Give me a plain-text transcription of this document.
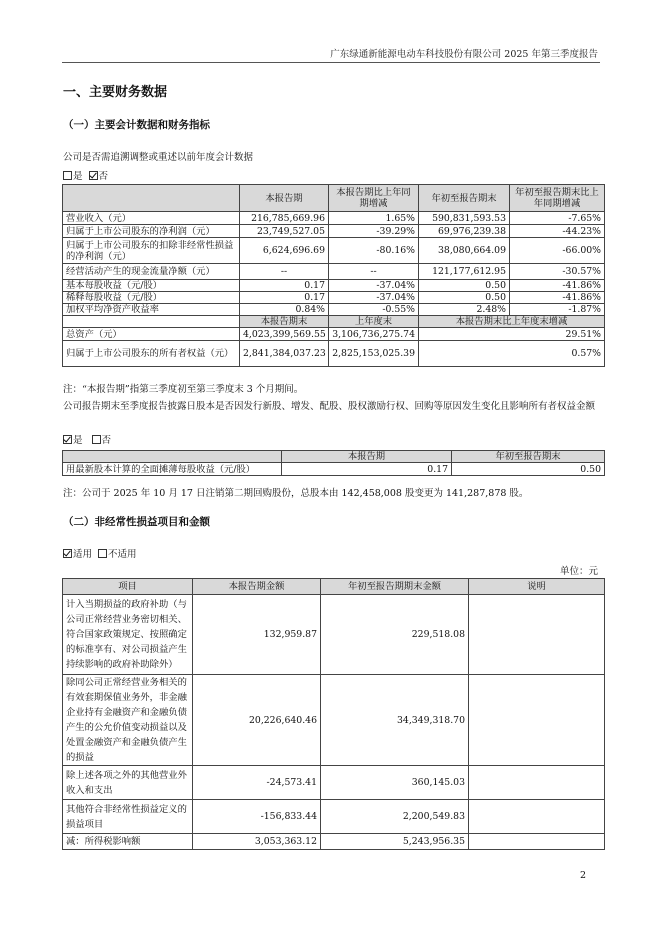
广东绿通新能源电动车科技股份有限公司 2025 年第三季度报告
一、主要财务数据
（一）主要会计数据和财务指标
公司是否需追溯调整或重述以前年度会计数据
是 否
	本报告期	本报告期比上年同期增减	年初至报告期末	年初至报告期末比上年同期增减
营业收入（元）	216,785,669.96	1.65%	590,831,593.53	-7.65%
归属于上市公司股东的净利润（元）	23,749,527.05	-39.29%	69,976,239.38	-44.23%
归属于上市公司股东的扣除非经常性损益的净利润（元）	6,624,696.69	-80.16%	38,080,664.09	-66.00%
经营活动产生的现金流量净额（元）	--	--	121,177,612.95	-30.57%
基本每股收益（元/股）	0.17	-37.04%	0.50	-41.86%
稀释每股收益（元/股）	0.17	-37.04%	0.50	-41.86%
加权平均净资产收益率	0.84%	-0.55%	2.48%	-1.87%
	本报告期末	上年度末	本报告期末比上年度末增减	
总资产（元）	4,023,399,569.55	3,106,736,275.74	29.51%	
归属于上市公司股东的所有者权益（元）	2,841,384,037.23	2,825,153,025.39	0.57%	
注：“本报告期”指第三季度初至第三季度末 3 个月期间。
公司报告期末至季度报告披露日股本是否因发行新股、增发、配股、股权激励行权、回购等原因发生变化且影响所有者权益金额
是 否
	本报告期	年初至报告期末
用最新股本计算的全面摊薄每股收益（元/股）	0.17	0.50
注：公司于 2025 年 10 月 17 日注销第二期回购股份，总股本由 142,458,008 股变更为 141,287,878 股。
（二）非经常性损益项目和金额
适用 不适用
单位：元
项目	本报告期金额	年初至报告期期末金额	说明
计入当期损益的政府补助（与公司正常经营业务密切相关、符合国家政策规定、按照确定的标准享有、对公司损益产生持续影响的政府补助除外）	132,959.87	229,518.08	
除同公司正常经营业务相关的有效套期保值业务外，非金融企业持有金融资产和金融负债产生的公允价值变动损益以及处置金融资产和金融负债产生的损益	20,226,640.46	34,349,318.70	
除上述各项之外的其他营业外收入和支出	-24,573.41	360,145.03	
其他符合非经常性损益定义的损益项目	-156,833.44	2,200,549.83	
减：所得税影响额	3,053,363.12	5,243,956.35	
2
